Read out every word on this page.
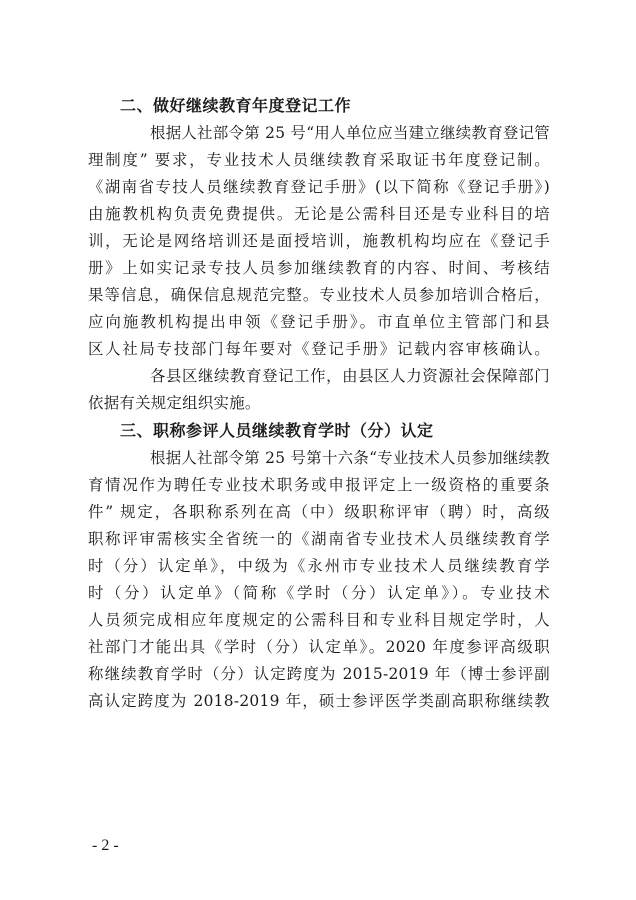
二、做好继续教育年度登记工作
根据人社部令第 25 号“用人单位应当建立继续教育登记管
理制度” 要求，专业技术人员继续教育采取证书年度登记制。
《湖南省专技人员继续教育登记手册》(以下简称《登记手册》)
由施教机构负责免费提供。无论是公需科目还是专业科目的培
训，无论是网络培训还是面授培训，施教机构均应在《登记手
册》上如实记录专技人员参加继续教育的内容、时间、考核结
果等信息，确保信息规范完整。专业技术人员参加培训合格后，
应向施教机构提出申领《登记手册》。市直单位主管部门和县
区人社局专技部门每年要对《登记手册》记载内容审核确认。
各县区继续教育登记工作，由县区人力资源社会保障部门
依据有关规定组织实施。
三、职称参评人员继续教育学时（分）认定
根据人社部令第 25 号第十六条“专业技术人员参加继续教
育情况作为聘任专业技术职务或申报评定上一级资格的重要条
件” 规定，各职称系列在高（中）级职称评审（聘）时，高级
职称评审需核实全省统一的《湖南省专业技术人员继续教育学
时（分）认定单》，中级为《永州市专业技术人员继续教育学
时（分）认定单》（简称《学时（分）认定单》）。专业技术
人员须完成相应年度规定的公需科目和专业科目规定学时，人
社部门才能出具《学时（分）认定单》。2020 年度参评高级职
称继续教育学时（分）认定跨度为 2015-2019 年（博士参评副
高认定跨度为 2018-2019 年，硕士参评医学类副高职称继续教
- 2 -
